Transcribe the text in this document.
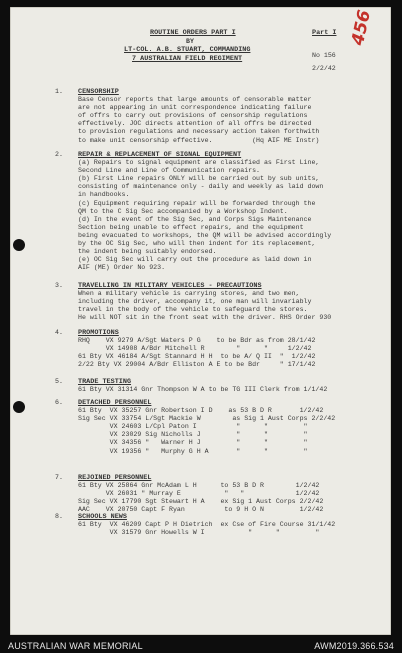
ROUTINE ORDERS PART I
BY
LT-COL. A.B. STUART, COMMANDING
7 AUSTRALIAN FIELD REGIMENT
Part I
No 156
2/2/42
456
1. CENSORSHIP
Base Censor reports that large amounts of censorable matter
are not appearing in unit correspondence indicating failure
of offrs to carry out provisions of censorship regulations
effectively. JOC directs attention of all offrs be directed
to provision regulations and necessary action taken forthwith
to make unit censorship effective.          (Hq AIF ME Instr)
2. REPAIR & REPLACEMENT OF SIGNAL EQUIPMENT
(a) Repairs to signal equipment are classified as First Line,
Second Line and Line of Communication repairs.
(b) First Line repairs ONLY will be carried out by sub units,
consisting of maintenance only - daily and weekly as laid down
in handbooks.
(c) Equipment requiring repair will be forwarded through the
QM to the C Sig Sec accompanied by a Workshop Indent.
(d) In the event of the Sig Sec, and Corps Sigs Maintenance
Section being unable to effect repairs, and the equipment
being evacuated to workshops, the QM will be advised accordingly
by the OC Sig Sec, who will then indent for its replacement,
the indent being suitably endorsed.
(e) OC Sig Sec will carry out the procedure as laid down in
AIF (ME) Order No 923.
3. TRAVELLING IN MILITARY VEHICLES - PRECAUTIONS
When a military vehicle is carrying stores, and two men,
including the driver, accompany it, one man will invariably
travel in the body of the vehicle to safeguard the stores.
He will NOT sit in the front seat with the driver. RHS Order 930
4. PROMOTIONS
RHQ    VX 9279 A/Sgt Waters P G    to be Bdr as from 28/1/42
VX 14908 A/Bdr Mitchell R        "      "     1/2/42
61 Bty VX 46184 A/Sgt Stannard H H  to be A/ Q II  "  1/2/42
2/22 Bty VX 29004 A/Bdr Elliston A E to be Bdr     " 17/1/42
5. TRADE TESTING
61 Bty VX 31314 Gnr Thompson W A to be TG III Clerk from 1/1/42
6. DETACHED PERSONNEL
61 Bty  VX 35257 Gnr Robertson I D    as 53 B D R       1/2/42
Sig Sec VX 33754 L/Sgt Mackie W        as Sig 1 Aust Corps 2/2/42
VX 24603 L/Cpl Paton I          "      "         "
VX 23029 Sig Nicholls J         "      "         "
VX 34356 "   Warner H J         "      "         "
VX 19356 "   Murphy G H A       "      "         "
7. REJOINED PERSONNEL
61 Bty VX 25864 Gnr McAdam L H      to 53 B D R        1/2/42
VX 26031 " Murray E           "   "             1/2/42
Sig Sec VX 17790 Sgt Stewart H A    ex Sig 1 Aust Corps 2/2/42
AAC    VX 20750 Capt F Ryan          to 9 H O N         1/2/42
8. SCHOOLS NEWS
61 Bty  VX 46209 Capt P H Dietrich  ex Cse of Fire Course 31/1/42
VX 31579 Gnr Howells W I           "      "         "
AUSTRALIAN WAR MEMORIAL	AWM2019.366.534
